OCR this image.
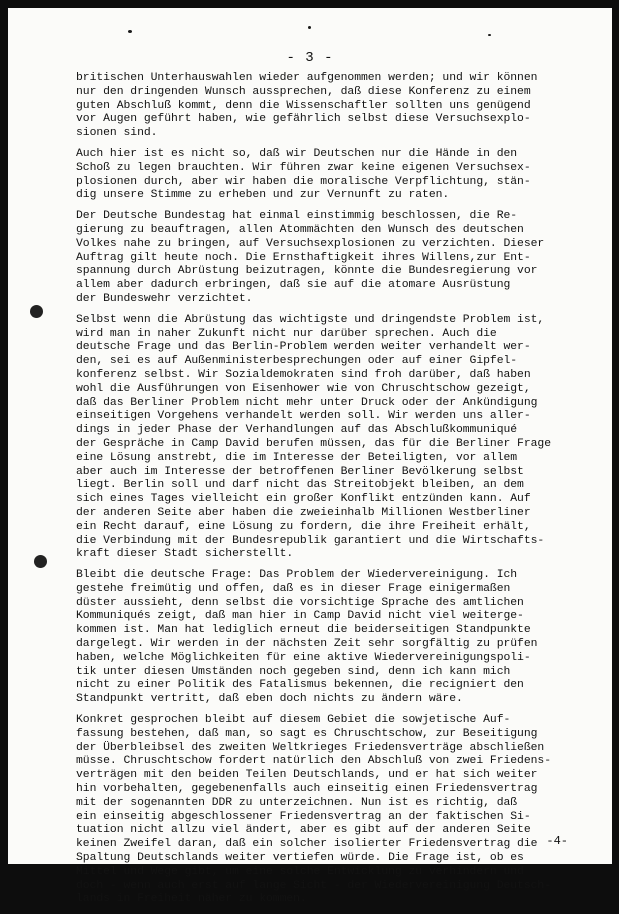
- 3 -

britischen Unterhauswahlen wieder aufgenommen werden; und wir können
nur den dringenden Wunsch aussprechen, daß diese Konferenz zu einem
guten Abschluß kommt, denn die Wissenschaftler sollten uns genügend
vor Augen geführt haben, wie gefährlich selbst diese Versuchsexplo-
sionen sind.

Auch hier ist es nicht so, daß wir Deutschen nur die Hände in den
Schoß zu legen brauchten. Wir führen zwar keine eigenen Versuchsex-
plosionen durch, aber wir haben die moralische Verpflichtung, stän-
dig unsere Stimme zu erheben und zur Vernunft zu raten.

Der Deutsche Bundestag hat einmal einstimmig beschlossen, die Re-
gierung zu beauftragen, allen Atommächten den Wunsch des deutschen
Volkes nahe zu bringen, auf Versuchsexplosionen zu verzichten. Dieser
Auftrag gilt heute noch. Die Ernsthaftigkeit ihres Willens,zur Ent-
spannung durch Abrüstung beizutragen, könnte die Bundesregierung vor
allem aber dadurch erbringen, daß sie auf die atomare Ausrüstung
der Bundeswehr verzichtet.

Selbst wenn die Abrüstung das wichtigste und dringendste Problem ist,
wird man in naher Zukunft nicht nur darüber sprechen. Auch die
deutsche Frage und das Berlin-Problem werden weiter verhandelt wer-
den, sei es auf Außenministerbesprechungen oder auf einer Gipfel-
konferenz selbst. Wir Sozialdemokraten sind froh darüber, daß haben
wohl die Ausführungen von Eisenhower wie von Chruschtschow gezeigt,
daß das Berliner Problem nicht mehr unter Druck oder der Ankündigung
einseitigen Vorgehens verhandelt werden soll. Wir werden uns aller-
dings in jeder Phase der Verhandlungen auf das Abschlußkommuniqué
der Gespräche in Camp David berufen müssen, das für die Berliner Frage
eine Lösung anstrebt, die im Interesse der Beteiligten, vor allem
aber auch im Interesse der betroffenen Berliner Bevölkerung selbst
liegt. Berlin soll und darf nicht das Streitobjekt bleiben, an dem
sich eines Tages vielleicht ein großer Konflikt entzünden kann. Auf
der anderen Seite aber haben die zweieinhalb Millionen Westberliner
ein Recht darauf, eine Lösung zu fordern, die ihre Freiheit erhält,
die Verbindung mit der Bundesrepublik garantiert und die Wirtschafts-
kraft dieser Stadt sicherstellt.

Bleibt die deutsche Frage: Das Problem der Wiedervereinigung. Ich
gestehe freimütig und offen, daß es in dieser Frage einigermaßen
düster aussieht, denn selbst die vorsichtige Sprache des amtlichen
Kommuniqués zeigt, daß man hier in Camp David nicht viel weiterge-
kommen ist. Man hat lediglich erneut die beiderseitigen Standpunkte
dargelegt. Wir werden in der nächsten Zeit sehr sorgfältig zu prüfen
haben, welche Möglichkeiten für eine aktive Wiedervereinigungspoli-
tik unter diesen Umständen noch gegeben sind, denn ich kann mich
nicht zu einer Politik des Fatalismus bekennen, die recigniert den
Standpunkt vertritt, daß eben doch nichts zu ändern wäre.

Konkret gesprochen bleibt auf diesem Gebiet die sowjetische Auf-
fassung bestehen, daß man, so sagt es Chruschtschow, zur Beseitigung
der Überbleibsel des zweiten Weltkrieges Friedensverträge abschließen
müsse. Chruschtschow fordert natürlich den Abschluß von zwei Friedens-
verträgen mit den beiden Teilen Deutschlands, und er hat sich weiter
hin vorbehalten, gegebenenfalls auch einseitig einen Friedensvertrag
mit der sogenannten DDR zu unterzeichnen. Nun ist es richtig, daß
ein einseitig abgeschlossener Friedensvertrag an der faktischen Si-
tuation nicht allzu viel ändert, aber es gibt auf der anderen Seite
keinen Zweifel daran, daß ein solcher isolierter Friedensvertrag die
Spaltung Deutschlands weiter vertiefen würde. Die Frage ist, ob es
Mittel und Wege gibt, um eine solche Entwicklung zu verhindern und
doch - wenn auch erst auf lange Sicht - der Wiedervereinigung Deutsch-
lands in Freiheit näher zu kommen.

-4-
